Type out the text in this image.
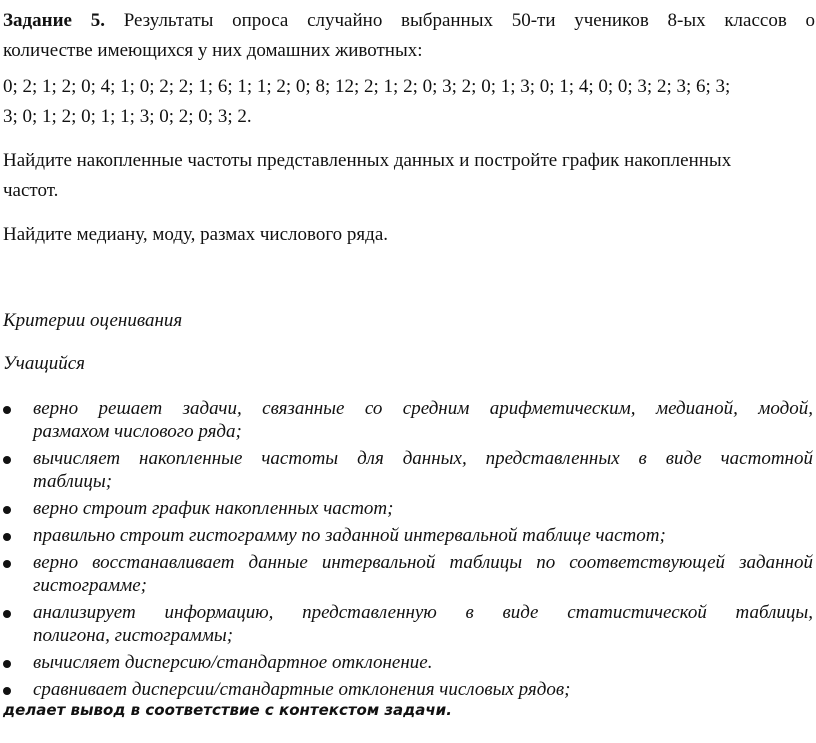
Задание 5. Результаты опроса случайно выбранных 50-ти учеников 8-ых классов о
количестве имеющихся у них домашних животных:
0; 2; 1; 2; 0; 4; 1; 0; 2; 2; 1; 6; 1; 1; 2; 0; 8; 12; 2; 1; 2; 0; 3; 2; 0; 1; 3; 0; 1; 4; 0; 0; 3; 2; 3; 6; 3;
3; 0; 1; 2; 0; 1; 1; 3; 0; 2; 0; 3; 2.
Найдите накопленные частоты представленных данных и постройте график накопленных
частот.
Найдите медиану, моду, размах числового ряда.
Критерии оценивания
Учащийся
верно решает задачи, связанные со средним арифметическим, медианой, модой,
размахом числового ряда;
вычисляет накопленные частоты для данных, представленных в виде частотной
таблицы;
верно строит график накопленных частот;
правильно строит гистограмму по заданной интервальной таблице частот;
верно восстанавливает данные интервальной таблицы по соответствующей заданной
гистограмме;
анализирует информацию, представленную в виде статистической таблицы,
полигона, гистограммы;
вычисляет дисперсию/стандартное отклонение.
сравнивает дисперсии/стандартные отклонения числовых рядов;
делает вывод в соответствие с контекстом задачи.
